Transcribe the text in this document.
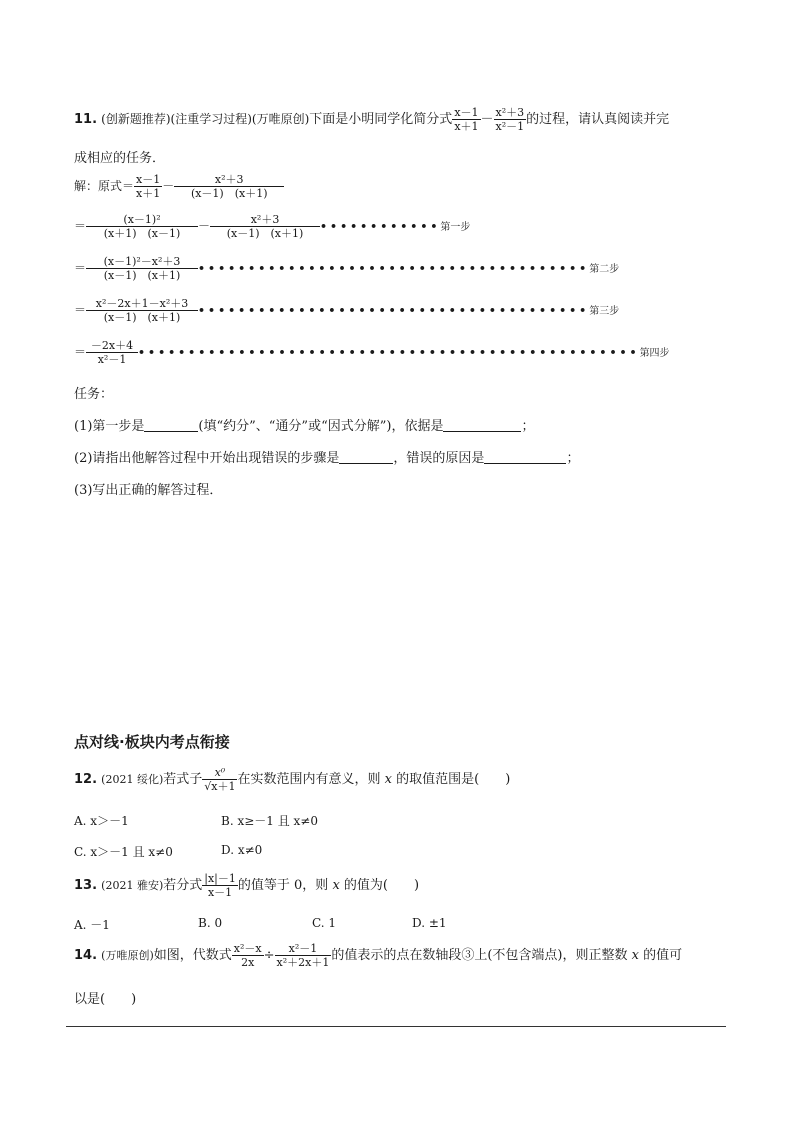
11. (创新题推荐)(注重学习过程)(万唯原创)下面是小明同学化简分式 $\frac{x-1}{x+1} - \frac{\text{x²＋3}}{\text{x²－1}}$ 的过程，请认真阅读并完
成相应的任务．
解：原式＝ $\frac{x-1}{x+1} - \frac{\text{x²＋3}}{(x-1) (x+1)}$
＝ $\frac{\text{(x－1)²}}{(x+1) (x-1)} - \frac{\text{x²＋3}}{(x-1) (x+1)}$ ••••••••••••第一步
＝ $\frac{\text{(x－1)²－x²＋3}}{(x-1) (x+1)}$ •••••••••••••••••••••••••••••••••••••••第二步
＝ $\frac{\text{x²－2x＋1－x²＋3}}{(x-1) (x+1)}$ •••••••••••••••••••••••••••••••••••••••第三步
＝ $\frac{-2x+4}{\text{x²－1}}$ ••••••••••••••••••••••••••••••••••••••••••••••••••第四步
任务：
(1)第一步是	(填“约分”、“通分”或“因式分解”)，依据是	；
(2)请指出他解答过程中开始出现错误的步骤是	，错误的原因是	；
(3)写出正确的解答过程．
点对线·板块内考点衔接
12. (2021 绥化)若式子 $\frac{\text{x⁰}}{√x+1}$ 在实数范围内有意义，则 x 的取值范围是(　　)
A. x＞－1	B. x≥－1 且 x≠0
C. x＞－1 且 x≠0	D. x≠0
13. (2021 雅安)若分式 $\frac{|x|-1}{x-1}$ 的值等于 0，则 x 的值为(　　)
A. －1	B. 0	C. 1	D. ±1
14. (万唯原创)如图，代数式 $\frac{\text{x²－x}}{2x} \div \frac{\text{x²－1}}{\text{x²＋2x＋1}}$ 的值表示的点在数轴段③上(不包含端点)，则正整数 x 的值可
以是(　　)
